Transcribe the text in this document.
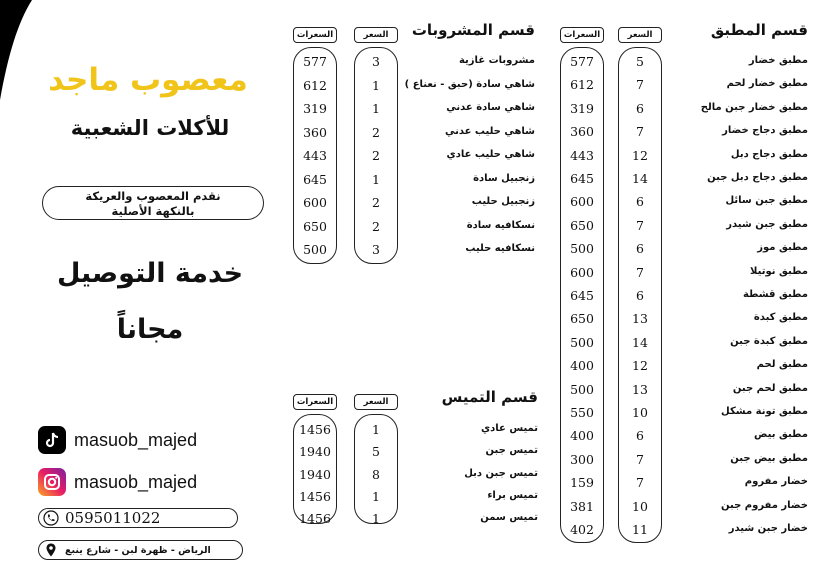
معصوب ماجد
للأكلات الشعبية
نقدم المعصوب والعريكة
بالنكهة الأصلية
خدمة التوصيل
مجاناً
masuob_majed
masuob_majed
0595011022
الرياض - ظهرة لبن - شارع ينبع
قسم المطبق
السعرات	السعر
577	5	مطبق خضار
612	7	مطبق خضار لحم
319	6	مطبق خضار جبن مالح
360	7	مطبق دجاج خضار
443	12	مطبق دجاج دبل
645	14	مطبق دجاج دبل جبن
600	6	مطبق جبن سائل
650	7	مطبق جبن شيدر
500	6	مطبق موز
600	7	مطبق نوتيلا
645	6	مطبق قشطة
650	13	مطبق كبدة
500	14	مطبق كبدة جبن
400	12	مطبق لحم
500	13	مطبق لحم جبن
550	10	مطبق تونة مشكل
400	6	مطبق بيض
300	7	مطبق بيض جبن
159	7	خضار مفروم
381	10	خضار مفروم جبن
402	11	خضار جبن شيدر
قسم المشروبات
السعرات	السعر
577	3	مشروبات غازية
612	1	شاهي سادة (حبق - نعناع )
319	1	شاهي سادة عدني
360	2	شاهي حليب عدني
443	2	شاهي حليب عادي
645	1	زنجبيل سادة
600	2	زنجبيل حليب
650	2	نسكافيه سادة
500	3	نسكافيه حليب
قسم التميس
السعرات	السعر
1456	1	تميس عادي
1940	5	تميس جبن
1940	8	تميس جبن دبل
1456	1	تميس براء
1456	1	تميس سمن
